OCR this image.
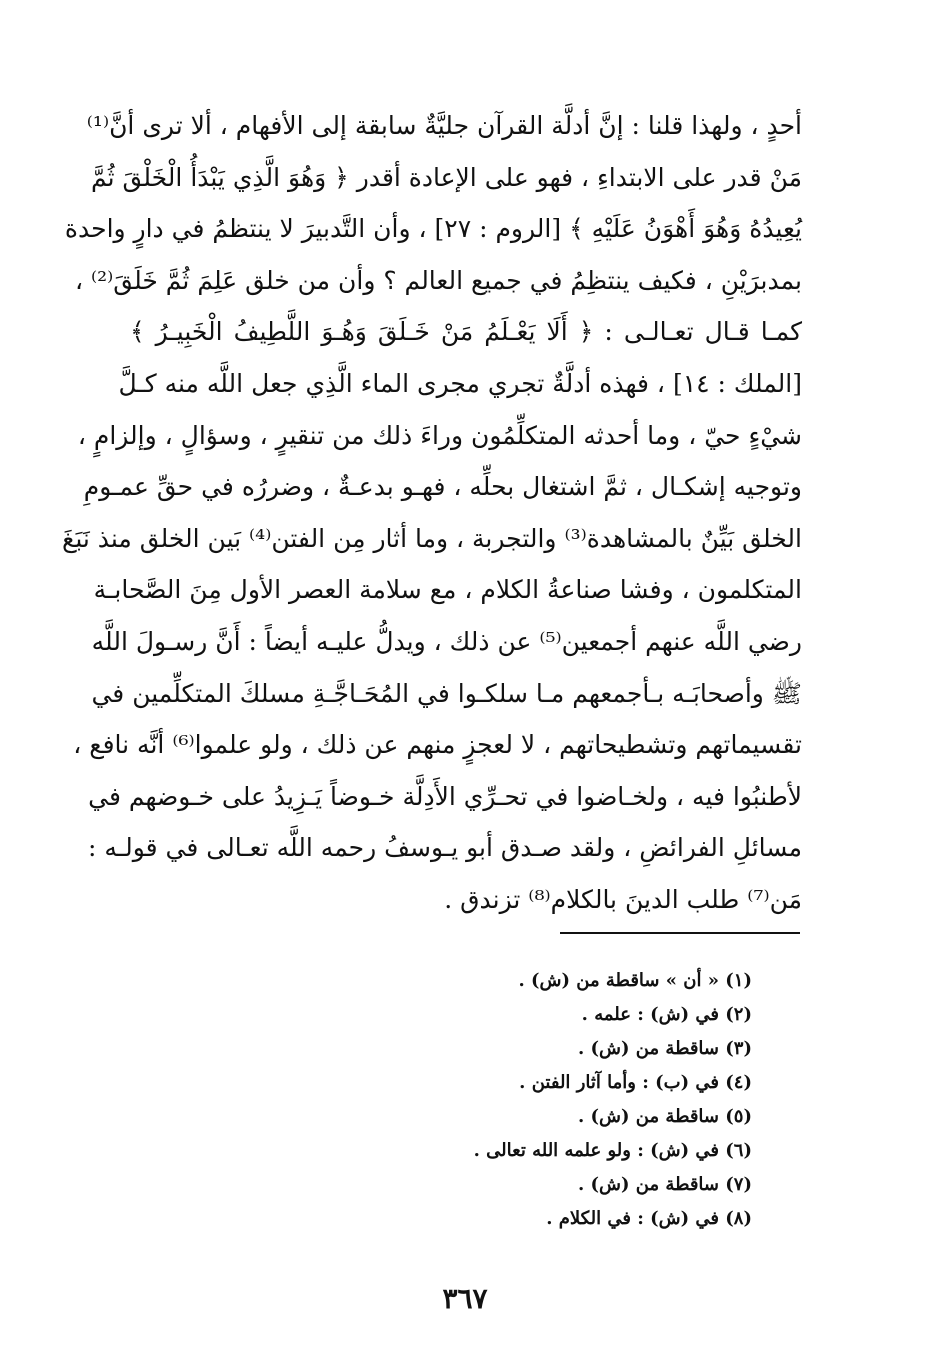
أحدٍ ، ولهذا قلنا : إنَّ أدلَّة القرآن جليَّةٌ سابقة إلى الأفهام ، ألا ترى أنَّ⁽¹⁾
مَنْ قدر على الابتداءِ ، فهو على الإعادة أقدر ﴿ وَهُوَ الَّذِي يَبْدَأُ الْخَلْقَ ثُمَّ
يُعِيدُهُ وَهُوَ أَهْوَنُ عَلَيْهِ ﴾ [الروم : ٢٧] ، وأن التَّدبيرَ لا ينتظمُ في دارٍ واحدة
بمدبرَيْنِ ، فكيف ينتظِمُ في جميع العالم ؟ وأن من خلق عَلِمَ ثُمَّ خَلَقَ⁽²⁾ ،
كمـا قـال تعـالـى : ﴿ أَلَا يَعْـلَمُ مَنْ خَـلَقَ وَهُـوَ اللَّطِيفُ الْخَبِيـرُ ﴾
[الملك : ١٤] ، فهذه أدلَّةٌ تجري مجرى الماء الَّذِي جعل اللَّه منه كـلَّ
شيْءٍ حيّ ، وما أحدثه المتكلِّمُون وراءَ ذلك من تنقيرٍ ، وسؤالٍ ، وإلزامٍ ،
وتوجيه إشكـال ، ثمَّ اشتغال بحلِّه ، فهـو بدعـةٌ ، وضررُه في حقِّ عمـومِ
الخلق بَيِّنٌ بالمشاهدة⁽³⁾ والتجربة ، وما أثار مِن الفتن⁽⁴⁾ بَين الخلق منذ نَبَغَ
المتكلمون ، وفشا صناعةُ الكلام ، مع سلامة العصر الأول مِنَ الصَّحابـة
رضي اللَّه عنهم أجمعين⁽⁵⁾ عن ذلك ، ويدلُّ عليـه أيضاً : أَنَّ رسـولَ اللَّه
ﷺ وأصحابَـه بـأجمعهم مـا سلكـوا في المُحَـاجَّـةِ مسلكَ المتكلِّمين في
تقسيماتهم وتشطيحاتهم ، لا لعجزٍ منهم عن ذلك ، ولو علموا⁽⁶⁾ أنَّه نافع ،
لأطنبُوا فيه ، ولخـاضوا في تحـرِّي الأَدِلَّة خـوضاً يَـزِيدُ على خـوضهم في
مسائلِ الفرائضِ ، ولقد صـدق أبو يـوسفُ رحمه اللَّه تعـالى في قولـه :
مَن⁽⁷⁾ طلب الدينَ بالكلام⁽⁸⁾ تزندق .
(١) « أن » ساقطة من (ش) .
(٢) في (ش) : علمه .
(٣) ساقطة من (ش) .
(٤) في (ب) : وأما آثار الفتن .
(٥) ساقطة من (ش) .
(٦) في (ش) : ولو علمه الله تعالى .
(٧) ساقطة من (ش) .
(٨) في (ش) : في الكلام .
٣٦٧
